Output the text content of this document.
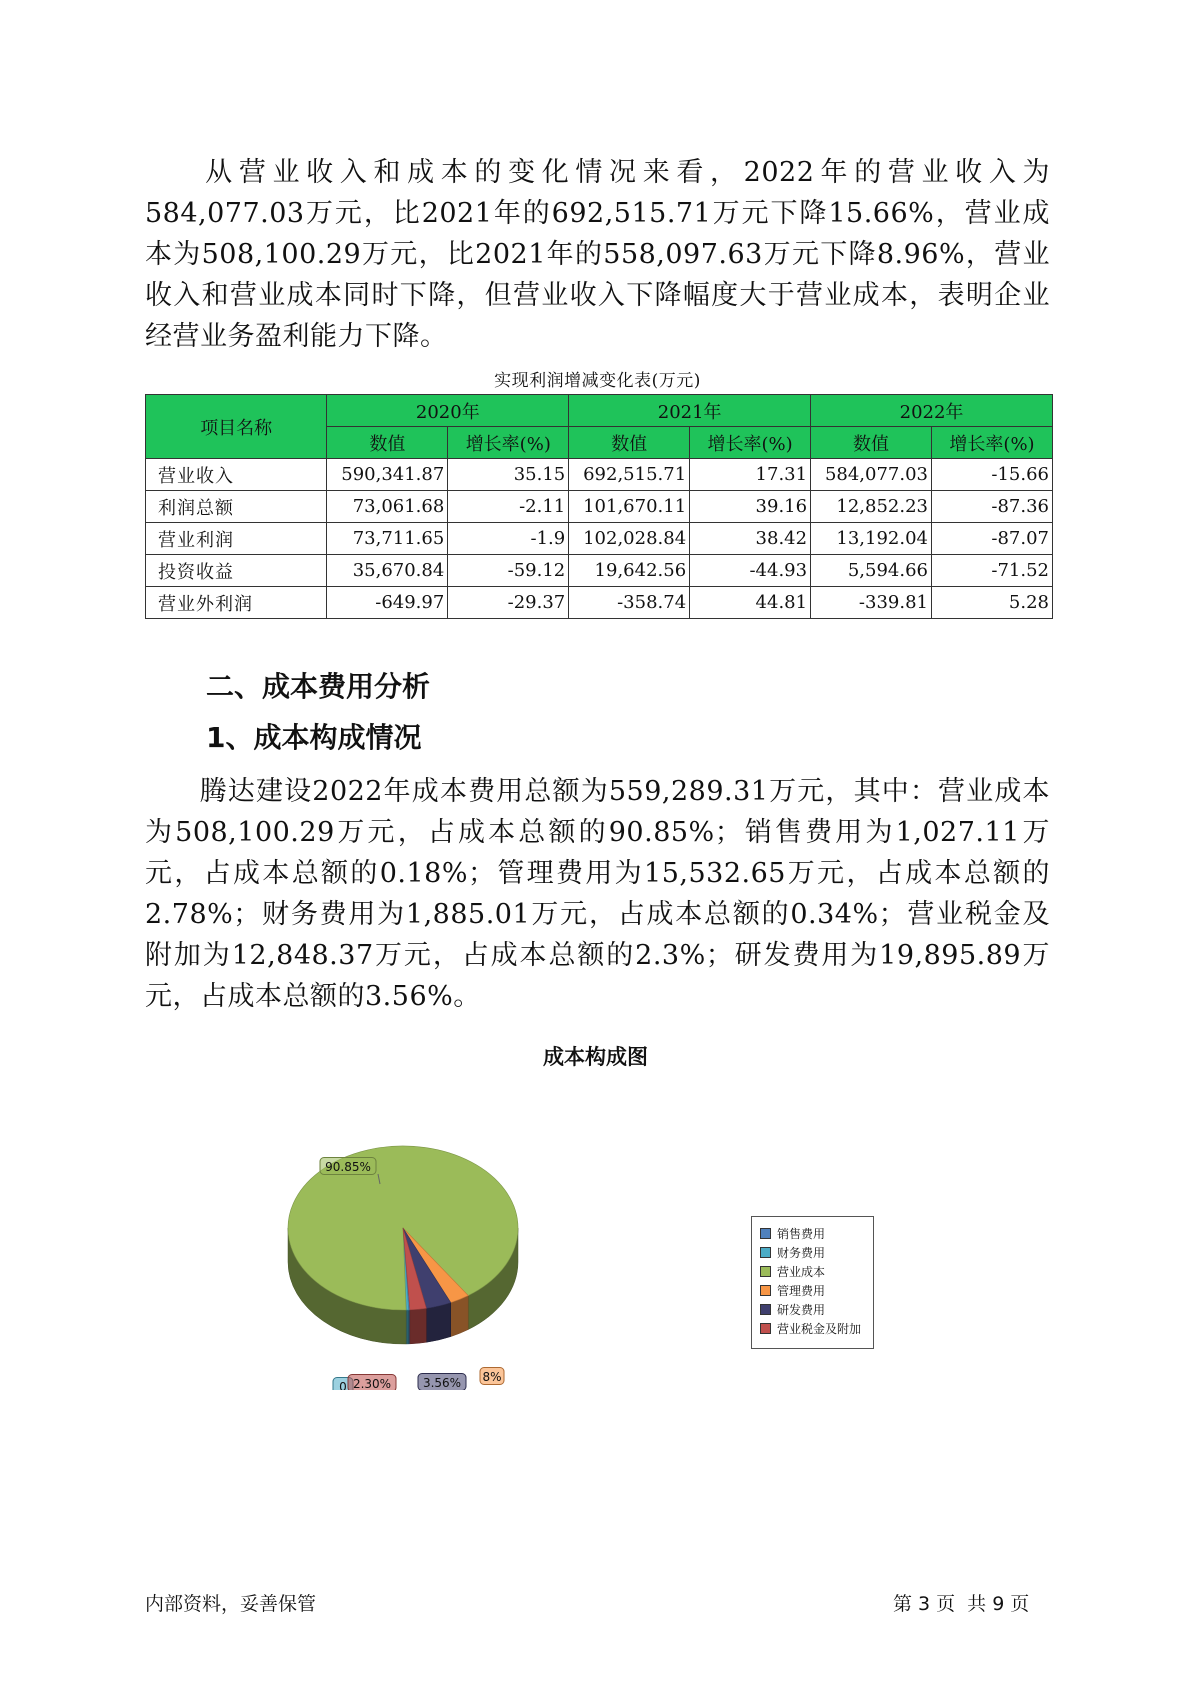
从营业收入和成本的变化情况来看，2022年的营业收入为584,077.03万元，比2021年的692,515.71万元下降15.66%，营业成本为508,100.29万元，比2021年的558,097.63万元下降8.96%，营业收入和营业成本同时下降，但营业收入下降幅度大于营业成本，表明企业经营业务盈利能力下降。

实现利润增减变化表(万元)
项目名称	2020年		2021年		2022年	
	数值	增长率(%)	数值	增长率(%)	数值	增长率(%)
营业收入	590,341.87	35.15	692,515.71	17.31	584,077.03	-15.66
利润总额	73,061.68	-2.11	101,670.11	39.16	12,852.23	-87.36
营业利润	73,711.65	-1.9	102,028.84	38.42	13,192.04	-87.07
投资收益	35,670.84	-59.12	19,642.56	-44.93	5,594.66	-71.52
营业外利润	-649.97	-29.37	-358.74	44.81	-339.81	5.28
二、成本费用分析
1、成本构成情况

腾达建设2022年成本费用总额为559,289.31万元，其中：营业成本为508,100.29万元，占成本总额的90.85%；销售费用为1,027.11万元，占成本总额的0.18%；管理费用为15,532.65万元，占成本总额的2.78%；财务费用为1,885.01万元，占成本总额的0.34%；营业税金及附加为12,848.37万元，占成本总额的2.3%；研发费用为19,895.89万元，占成本总额的3.56%。

成本构成图
8%
0 2.30%	3.56%
90.85%
销售费用
财务费用
营业成本
管理费用
研发费用
营业税金及附加
内部资料，妥善保管	第 3 页 共 9 页
